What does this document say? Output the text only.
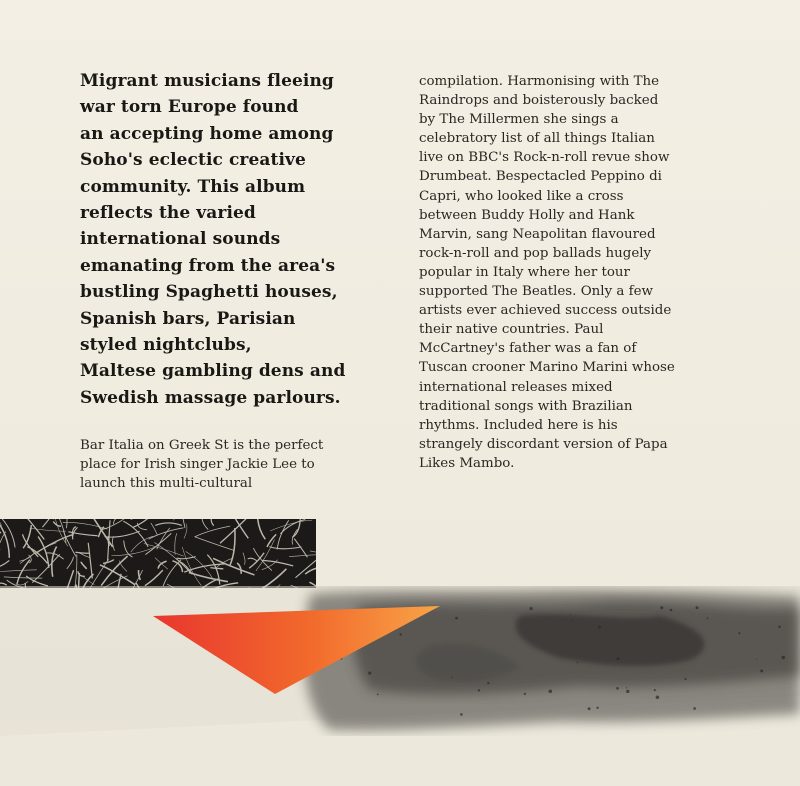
Migrant musicians fleeing
war torn Europe found
an accepting home among
Soho's eclectic creative
community. This album
reflects the varied
international sounds
emanating from the area's
bustling Spaghetti houses,
Spanish bars, Parisian
styled nightclubs,
Maltese gambling dens and
Swedish massage parlours.

Bar Italia on Greek St is the perfect
place for Irish singer Jackie Lee to
launch this multi-cultural

compilation. Harmonising with The
Raindrops and boisterously backed
by The Millermen she sings a
celebratory list of all things Italian
live on BBC's Rock-n-roll revue show
Drumbeat. Bespectacled Peppino di
Capri, who looked like a cross
between Buddy Holly and Hank
Marvin, sang Neapolitan flavoured
rock-n-roll and pop ballads hugely
popular in Italy where her tour
supported The Beatles. Only a few
artists ever achieved success outside
their native countries. Paul
McCartney's father was a fan of
Tuscan crooner Marino Marini whose
international releases mixed
traditional songs with Brazilian
rhythms. Included here is his
strangely discordant version of Papa
Likes Mambo.
